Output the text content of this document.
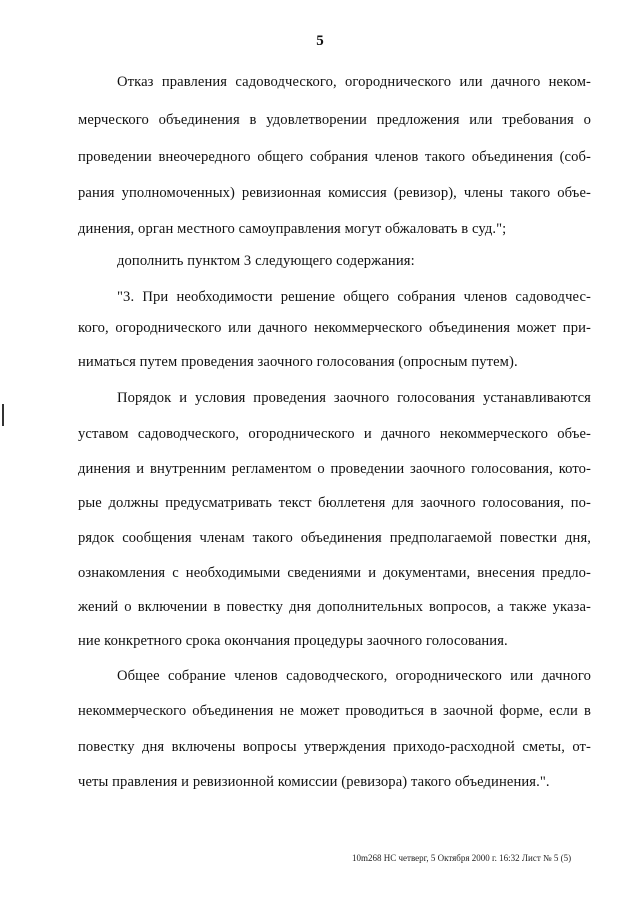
5
Отказ правления садоводческого, огороднического или дачного неком-
мерческого объединения в удовлетворении предложения или требования о
проведении внеочередного общего собрания членов такого объединения (соб-
рания уполномоченных) ревизионная комиссия (ревизор), члены такого объе-
динения, орган местного самоуправления могут обжаловать в суд.";
дополнить пунктом 3 следующего содержания:
"3. При необходимости решение общего собрания членов садоводчес-
кого, огороднического или дачного некоммерческого объединения может при-
ниматься путем проведения заочного голосования (опросным путем).
Порядок и условия проведения заочного голосования устанавливаются
уставом садоводческого, огороднического и дачного некоммерческого объе-
динения и внутренним регламентом о проведении заочного голосования, кото-
рые должны предусматривать текст бюллетеня для заочного голосования, по-
рядок сообщения членам такого объединения предполагаемой повестки дня,
ознакомления с необходимыми сведениями и документами, внесения предло-
жений о включении в повестку дня дополнительных вопросов, а также указа-
ние конкретного срока окончания процедуры заочного голосования.
Общее собрание членов садоводческого, огороднического или дачного
некоммерческого объединения не может проводиться в заочной форме, если в
повестку дня включены вопросы утверждения приходо-расходной сметы, от-
четы правления и ревизионной комиссии (ревизора) такого объединения.".
10m268 НС четверг, 5 Октября 2000 г. 16:32 Лист № 5 (5)
